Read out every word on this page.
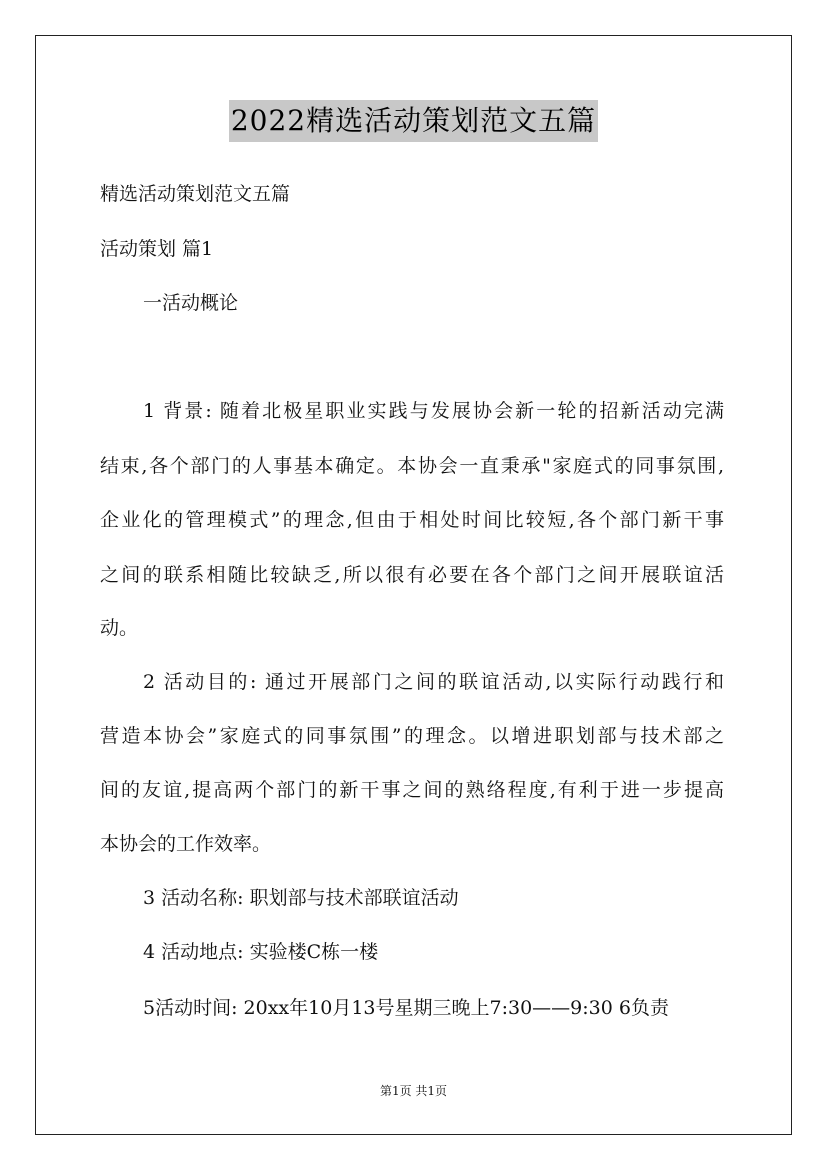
2022精选活动策划范文五篇
精选活动策划范文五篇
活动策划 篇1
一活动概论
1 背景: 随着北极星职业实践与发展协会新一轮的招新活动完满
结束,各个部门的人事基本确定。本协会一直秉承"家庭式的同事氛围,
企业化的管理模式”的理念,但由于相处时间比较短,各个部门新干事
之间的联系相随比较缺乏,所以很有必要在各个部门之间开展联谊活
动。
2 活动目的: 通过开展部门之间的联谊活动,以实际行动践行和
营造本协会”家庭式的同事氛围”的理念。以增进职划部与技术部之
间的友谊,提高两个部门的新干事之间的熟络程度,有利于进一步提高
本协会的工作效率。
3 活动名称: 职划部与技术部联谊活动
4 活动地点: 实验楼C栋一楼
5活动时间: 20xx年10月13号星期三晚上7:30——9:30 6负责
第1页 共1页
